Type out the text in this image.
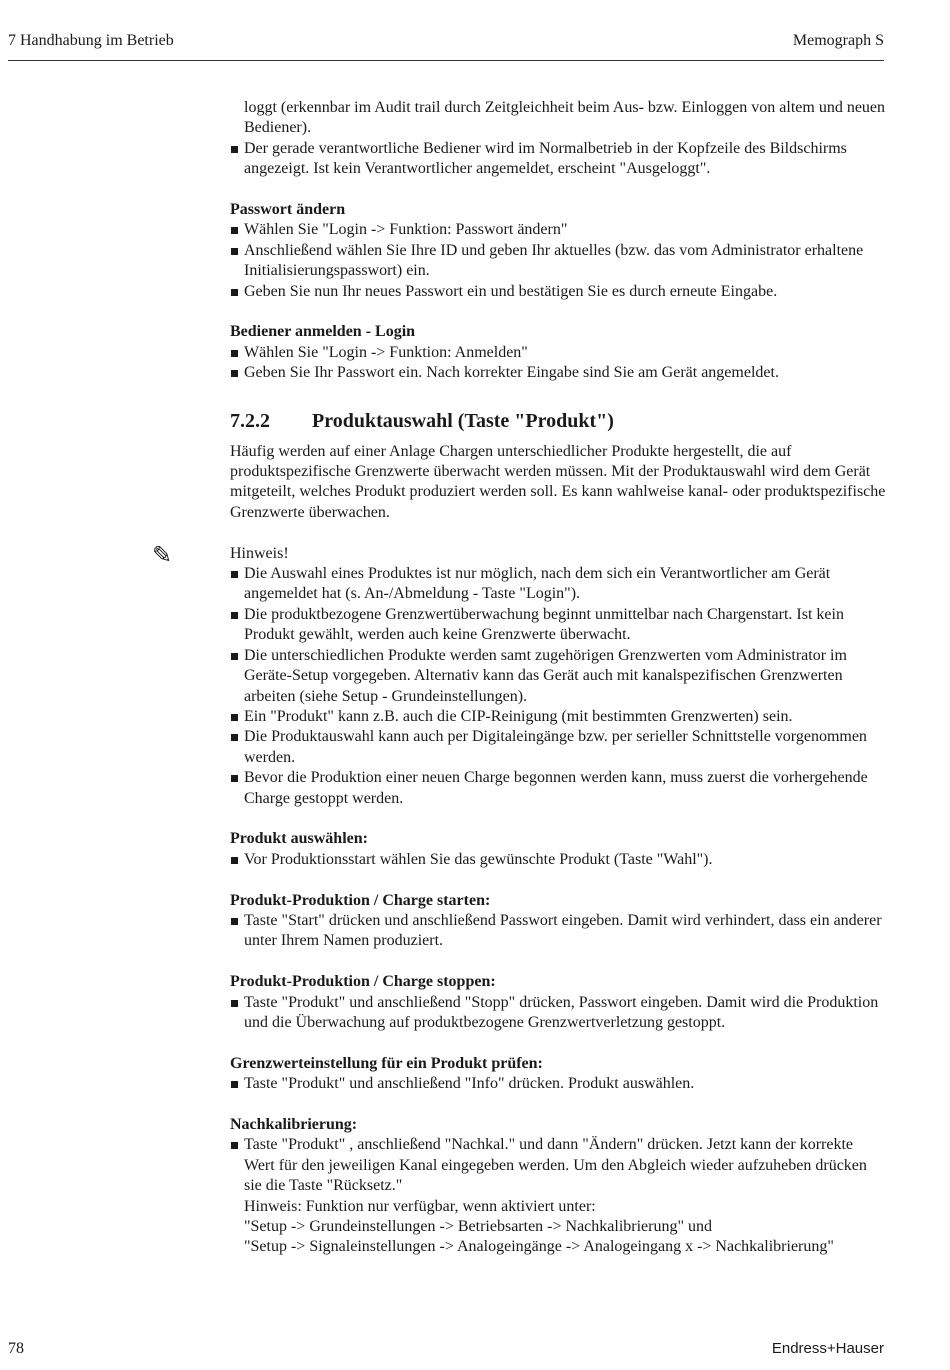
7 Handhabung im Betrieb	Memograph S
loggt (erkennbar im Audit trail durch Zeitgleichheit beim Aus- bzw. Einloggen von altem und neuen Bediener).
Der gerade verantwortliche Bediener wird im Normalbetrieb in der Kopfzeile des Bildschirms angezeigt. Ist kein Verantwortlicher angemeldet, erscheint "Ausgeloggt".
Passwort ändern
Wählen Sie "Login -> Funktion: Passwort ändern"
Anschließend wählen Sie Ihre ID und geben Ihr aktuelles (bzw. das vom Administrator erhaltene Initialisierungspasswort) ein.
Geben Sie nun Ihr neues Passwort ein und bestätigen Sie es durch erneute Eingabe.
Bediener anmelden - Login
Wählen Sie "Login -> Funktion: Anmelden"
Geben Sie Ihr Passwort ein. Nach korrekter Eingabe sind Sie am Gerät angemeldet.
7.2.2	Produktauswahl (Taste "Produkt")

Häufig werden auf einer Anlage Chargen unterschiedlicher Produkte hergestellt, die auf produktspezifische Grenzwerte überwacht werden müssen. Mit der Produktauswahl wird dem Gerät mitgeteilt, welches Produkt produziert werden soll. Es kann wahlweise kanal- oder produktspezifische Grenzwerte überwachen.

✎	Hinweis!

Die Auswahl eines Produktes ist nur möglich, nach dem sich ein Verantwortlicher am Gerät angemeldet hat (s. An-/Abmeldung - Taste "Login").
Die produktbezogene Grenzwertüberwachung beginnt unmittelbar nach Chargenstart. Ist kein Produkt gewählt, werden auch keine Grenzwerte überwacht.
Die unterschiedlichen Produkte werden samt zugehörigen Grenzwerten vom Administrator im Geräte-Setup vorgegeben. Alternativ kann das Gerät auch mit kanalspezifischen Grenzwerten arbeiten (siehe Setup - Grundeinstellungen).
Ein "Produkt" kann z.B. auch die CIP-Reinigung (mit bestimmten Grenzwerten) sein.
Die Produktauswahl kann auch per Digitaleingänge bzw. per serieller Schnittstelle vorgenommen werden.
Bevor die Produktion einer neuen Charge begonnen werden kann, muss zuerst die vorhergehende Charge gestoppt werden.
Produkt auswählen:
Vor Produktionsstart wählen Sie das gewünschte Produkt (Taste "Wahl").
Produkt-Produktion / Charge starten:
Taste "Start" drücken und anschließend Passwort eingeben. Damit wird verhindert, dass ein anderer unter Ihrem Namen produziert.
Produkt-Produktion / Charge stoppen:
Taste "Produkt" und anschließend "Stopp" drücken, Passwort eingeben. Damit wird die Produktion und die Überwachung auf produktbezogene Grenzwertverletzung gestoppt.
Grenzwerteinstellung für ein Produkt prüfen:
Taste "Produkt" und anschließend "Info" drücken. Produkt auswählen.
Nachkalibrierung:
Taste "Produkt" , anschließend "Nachkal." und dann "Ändern" drücken. Jetzt kann der korrekte Wert für den jeweiligen Kanal eingegeben werden. Um den Abgleich wieder aufzuheben drücken sie die Taste "Rücksetz."
Hinweis: Funktion nur verfügbar, wenn aktiviert unter:
"Setup -> Grundeinstellungen -> Betriebsarten -> Nachkalibrierung" und
"Setup -> Signaleinstellungen -> Analogeingänge -> Analogeingang x -> Nachkalibrierung"
78	Endress+Hauser
